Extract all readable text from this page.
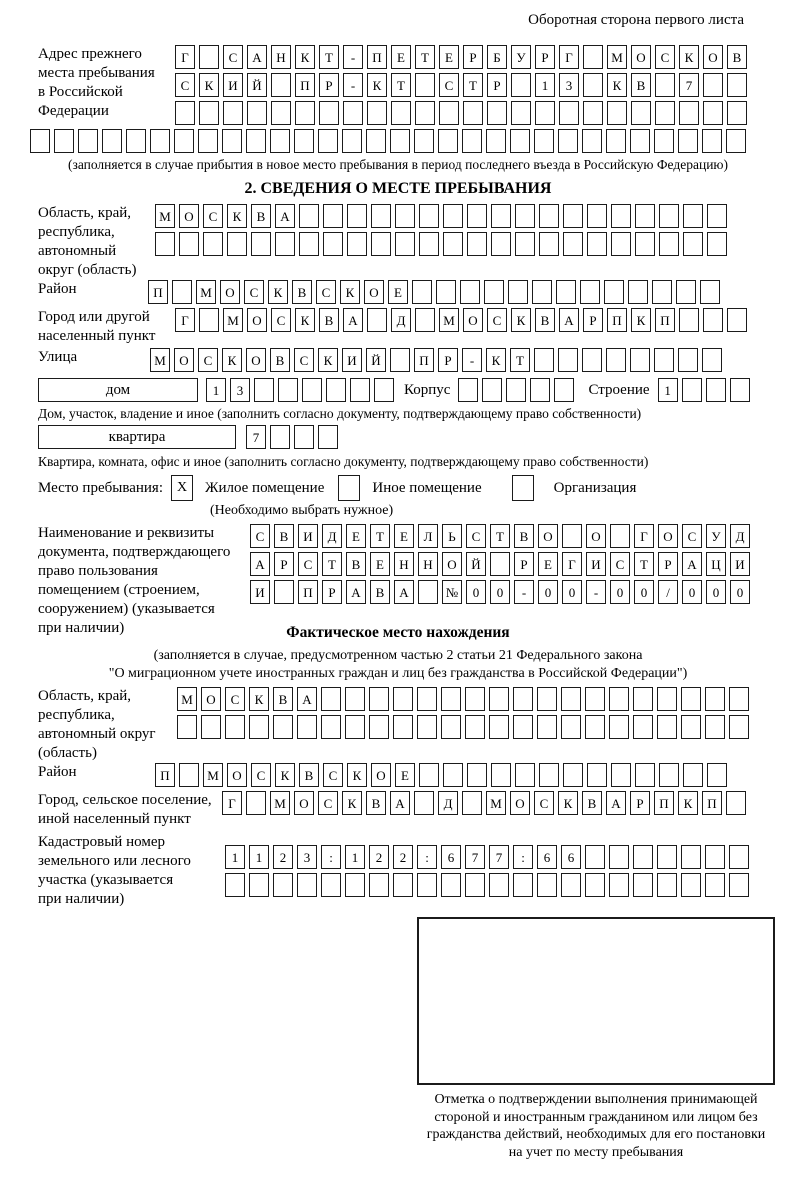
Оборотная сторона первого листа
Адрес прежнего
места пребывания
в Российской
Федерации
Г	С	А	Н	К	Т	-	П	Е	Т	Е	Р	Б	У	Р	Г	М	О	С	К	О	В
С	К	И	Й	П	Р	-	К	Т	С	Т	Р	1	3	К	В	7
(заполняется в случае прибытия в новое место пребывания в период последнего въезда в Российскую Федерацию)
2. СВЕДЕНИЯ О МЕСТЕ ПРЕБЫВАНИЯ
Область, край,
республика,
автономный
округ (область)
М	О	С	К	В	А
Район	П	М	О	С	К	В	С	К	О	Е
Город или другой
населенный пункт
Г	М	О	С	К	В	А	Д	М	О	С	К	В	А	Р	П	К	П
Улица	М	О	С	К	О	В	С	К	И	Й	П	Р	-	К	Т
дом	1	3	Корпус	Строение	1
Дом, участок, владение и иное (заполнить согласно документу, подтверждающему право собственности)
квартира	7
Квартира, комната, офис и иное (заполнить согласно документу, подтверждающему право собственности)
Место пребывания: X	Жилое помещение	Иное помещение	Организация
(Необходимо выбрать нужное)
Наименование и реквизиты
документа, подтверждающего
право пользования
помещением (строением,
сооружением) (указывается
при наличии)
С	В	И	Д	Е	Т	Е	Л	Ь	С	Т	В	О	О	Г	О	С	У	Д
А	Р	С	Т	В	Е	Н	Н	О	Й	Р	Е	Г	И	С	Т	Р	А	Ц	И
И	П	Р	А	В	А	№	0	0	-	0	0	-	0	0	/	0	0	0
Фактическое место нахождения
(заполняется в случае, предусмотренном частью 2 статьи 21 Федерального закона
"О миграционном учете иностранных граждан и лиц без гражданства в Российской Федерации")
Область, край,
республика,
автономный округ
(область)
М	О	С	К	В	А
Район	П	М	О	С	К	В	С	К	О	Е
Город, сельское поселение,
иной населенный пункт
Г	М	О	С	К	В	А	Д	М	О	С	К	В	А	Р	П	К	П
Кадастровый номер
земельного или лесного
участка (указывается
при наличии)
1	1	2	3	:	1	2	2	:	6	7	7	:	6	6
Отметка о подтверждении выполнения принимающей
стороной и иностранным гражданином или лицом без
гражданства действий, необходимых для его постановки
на учет по месту пребывания
